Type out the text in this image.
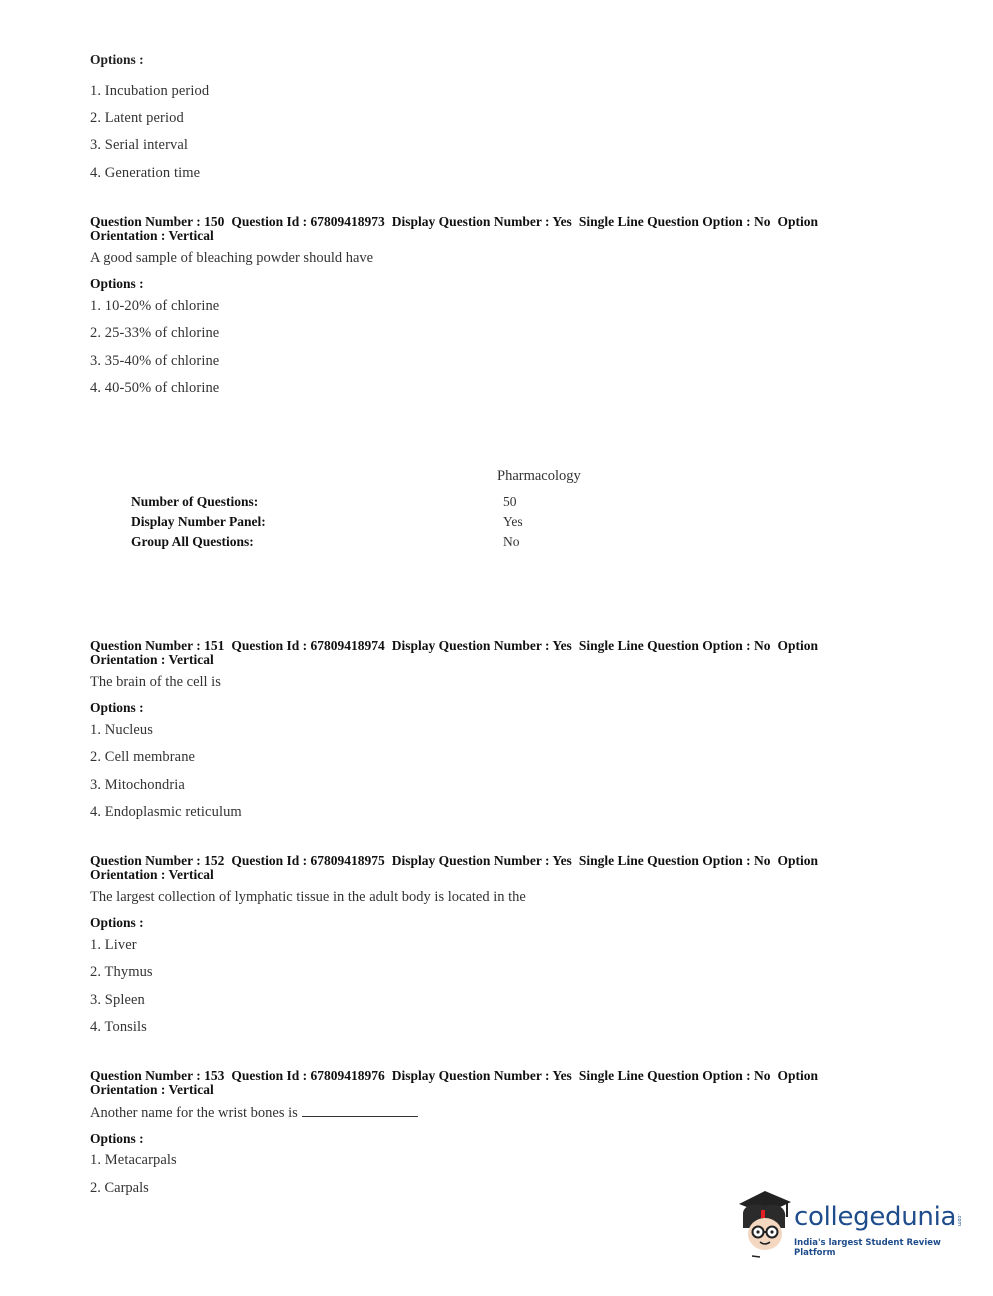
Options :
1. Incubation period
2. Latent period
3. Serial interval
4. Generation time
Question Number : 150 Question Id : 67809418973 Display Question Number : Yes Single Line Question Option : No Option
Orientation : Vertical
A good sample of bleaching powder should have
Options :
1. 10-20% of chlorine
2. 25-33% of chlorine
3. 35-40% of chlorine
4. 40-50% of chlorine
Pharmacology
Number of Questions:	50
Display Number Panel:	Yes
Group All Questions:	No
Question Number : 151 Question Id : 67809418974 Display Question Number : Yes Single Line Question Option : No Option
Orientation : Vertical
The brain of the cell is
Options :
1. Nucleus
2. Cell membrane
3. Mitochondria
4. Endoplasmic reticulum
Question Number : 152 Question Id : 67809418975 Display Question Number : Yes Single Line Question Option : No Option
Orientation : Vertical
The largest collection of lymphatic tissue in the adult body is located in the
Options :
1. Liver
2. Thymus
3. Spleen
4. Tonsils
Question Number : 153 Question Id : 67809418976 Display Question Number : Yes Single Line Question Option : No Option
Orientation : Vertical
Another name for the wrist bones is
Options :
1. Metacarpals
2. Carpals
collegedunia .com
India's largest Student Review Platform
